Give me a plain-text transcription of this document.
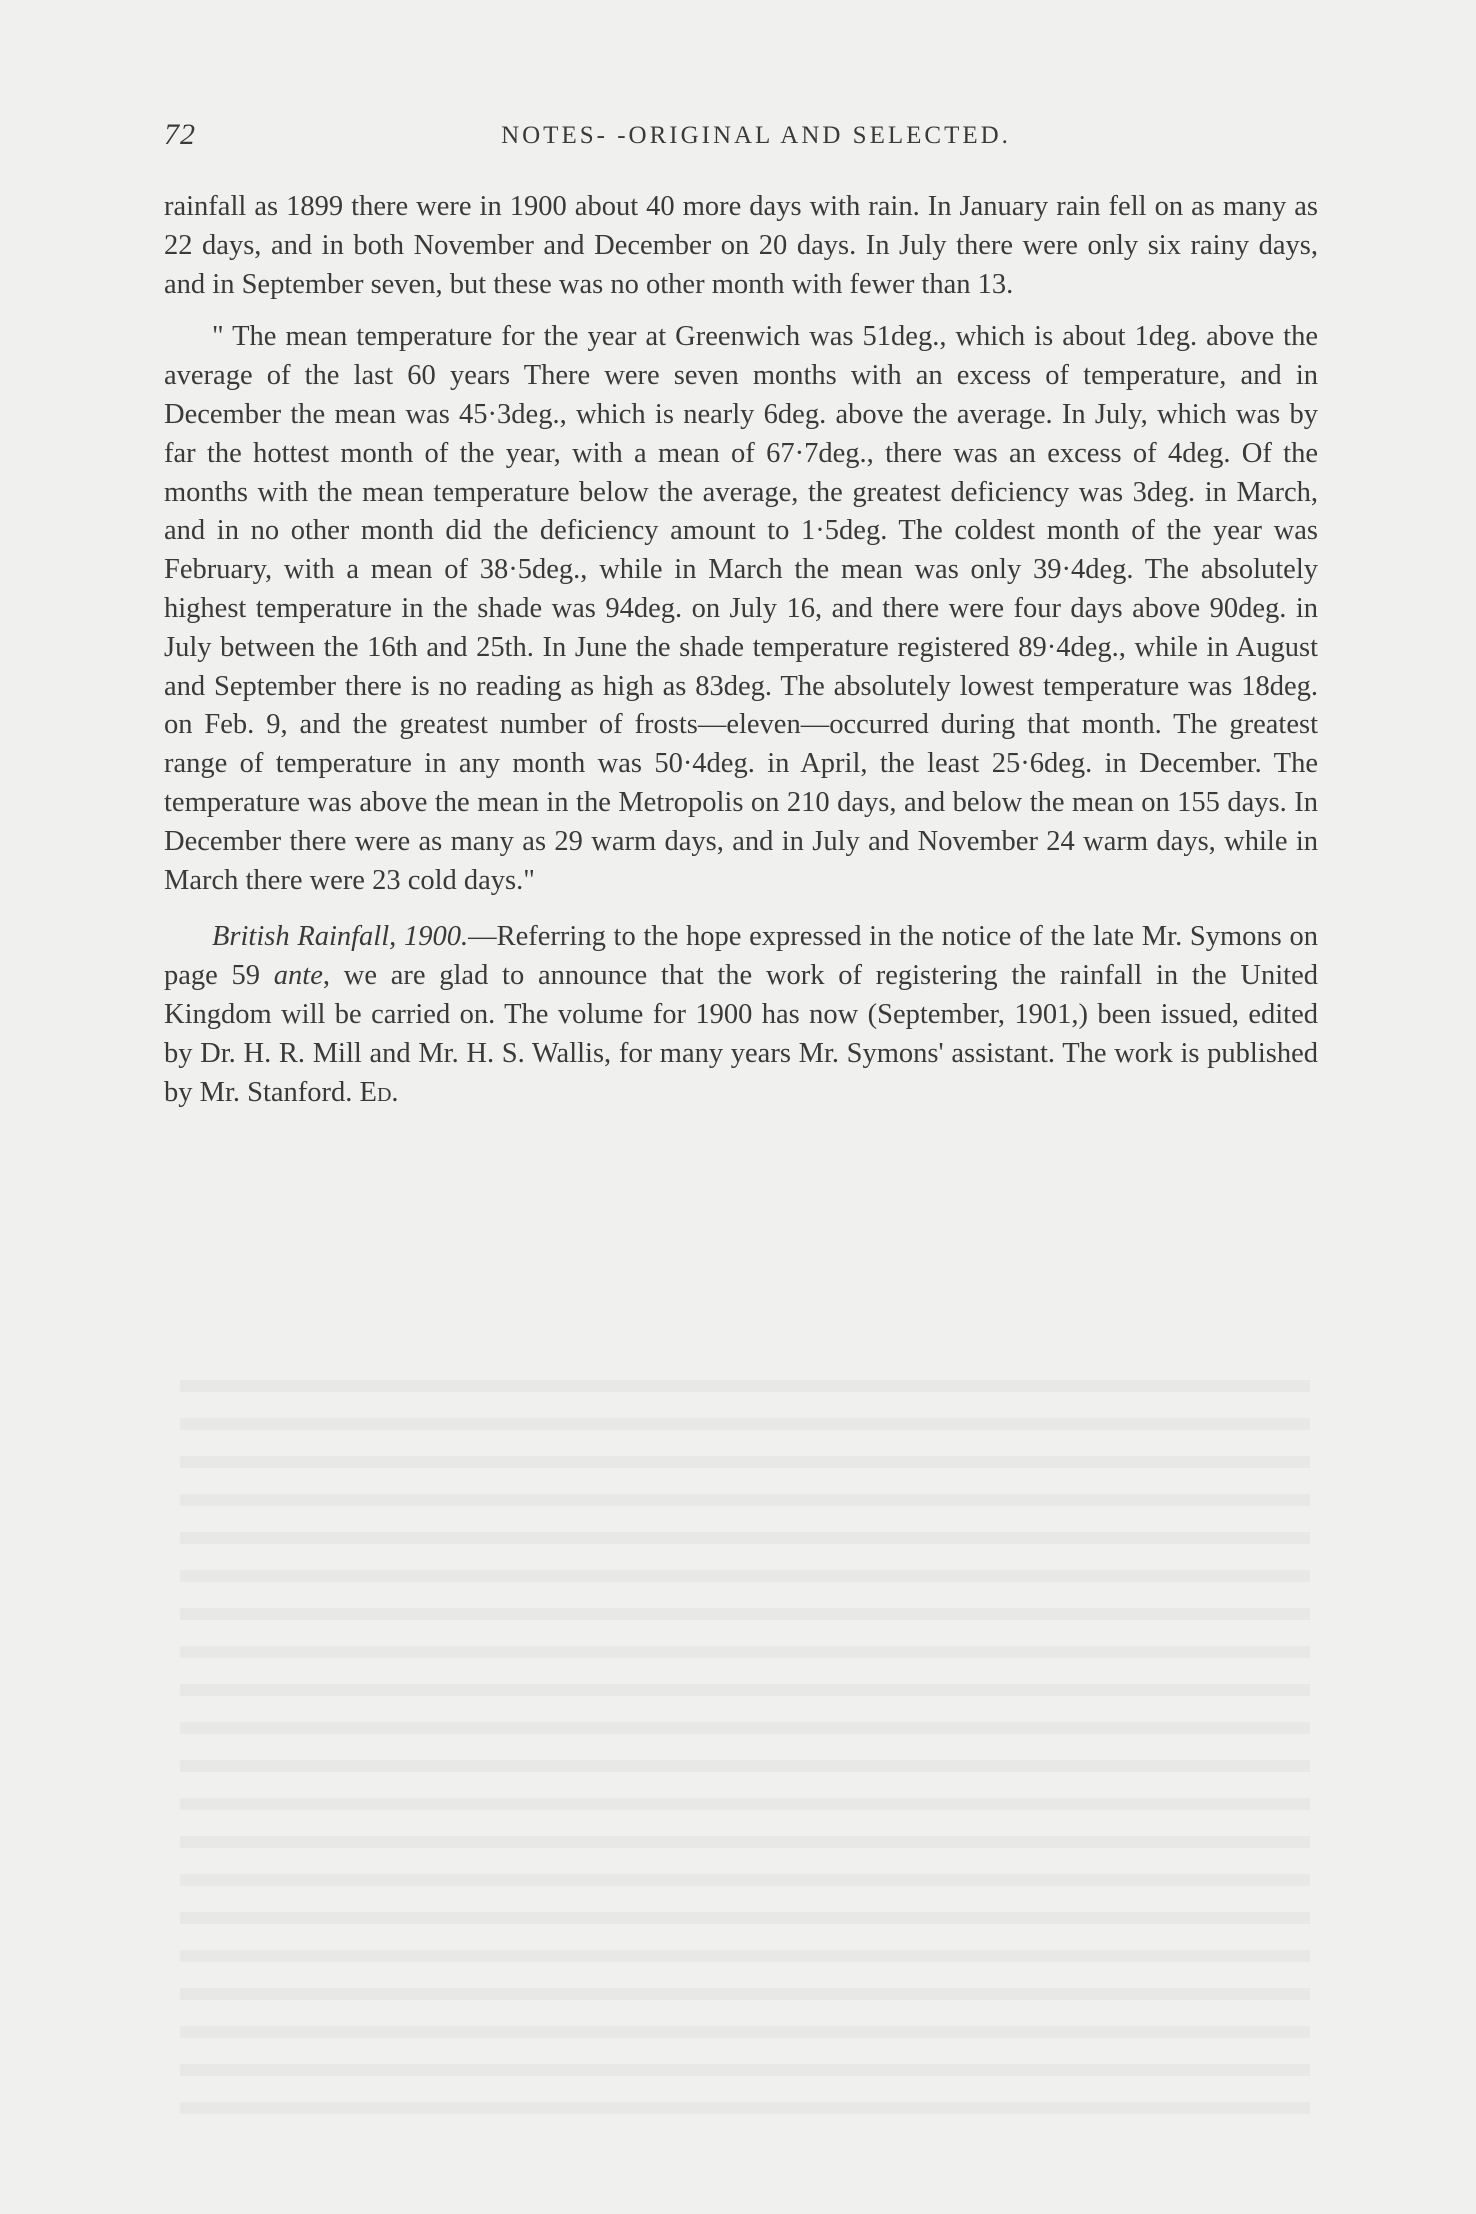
72	NOTES- -ORIGINAL AND SELECTED.

rainfall as 1899 there were in 1900 about 40 more days with rain. In January rain fell on as many as 22 days, and in both November and December on 20 days. In July there were only six rainy days, and in September seven, but these was no other month with fewer than 13.

" The mean temperature for the year at Greenwich was 51deg., which is about 1deg. above the average of the last 60 years There were seven months with an excess of temperature, and in December the mean was 45·3deg., which is nearly 6deg. above the average. In July, which was by far the hottest month of the year, with a mean of 67·7deg., there was an excess of 4deg. Of the months with the mean temperature below the average, the greatest deficiency was 3deg. in March, and in no other month did the deficiency amount to 1·5deg. The coldest month of the year was February, with a mean of 38·5deg., while in March the mean was only 39·4deg. The absolutely highest temperature in the shade was 94deg. on July 16, and there were four days above 90deg. in July between the 16th and 25th. In June the shade temperature registered 89·4deg., while in August and September there is no reading as high as 83deg. The absolutely lowest temperature was 18deg. on Feb. 9, and the greatest number of frosts—eleven—occurred during that month. The greatest range of temperature in any month was 50·4deg. in April, the least 25·6deg. in December. The temperature was above the mean in the Metropolis on 210 days, and below the mean on 155 days. In December there were as many as 29 warm days, and in July and November 24 warm days, while in March there were 23 cold days."

British Rainfall, 1900.—Referring to the hope expressed in the notice of the late Mr. Symons on page 59 ante, we are glad to announce that the work of registering the rainfall in the United Kingdom will be carried on. The volume for 1900 has now (September, 1901,) been issued, edited by Dr. H. R. Mill and Mr. H. S. Wallis, for many years Mr. Symons' assistant. The work is published by Mr. Stanford. Ed.
